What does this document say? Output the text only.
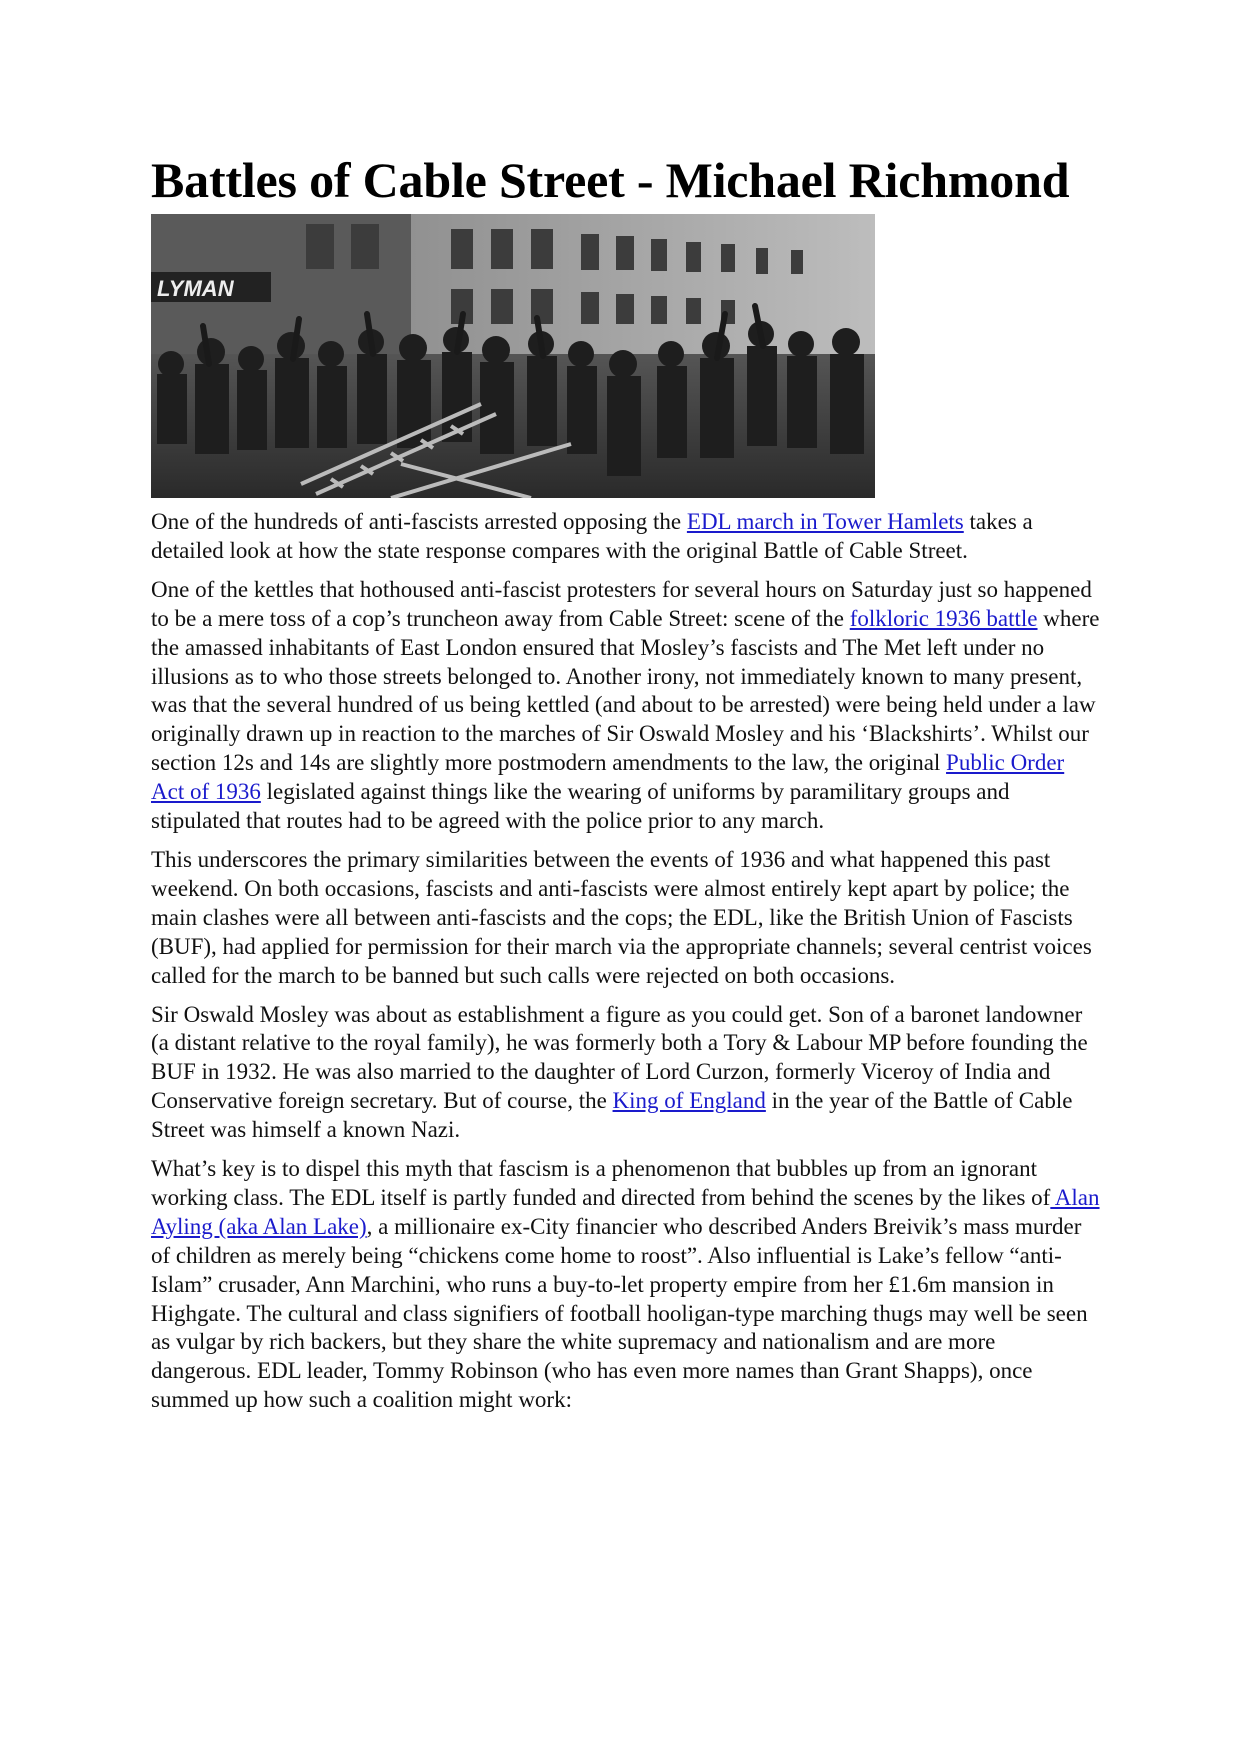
Battles of Cable Street - Michael Richmond
LYMAN

One of the hundreds of anti-fascists arrested opposing the EDL march in Tower Hamlets takes a detailed look at how the state response compares with the original Battle of Cable Street.

One of the kettles that hothoused anti-fascist protesters for several hours on Saturday just so happened to be a mere toss of a cop’s truncheon away from Cable Street: scene of the folkloric 1936 battle where the amassed inhabitants of East London ensured that Mosley’s fascists and The Met left under no illusions as to who those streets belonged to. Another irony, not immediately known to many present, was that the several hundred of us being kettled (and about to be arrested) were being held under a law originally drawn up in reaction to the marches of Sir Oswald Mosley and his ‘Blackshirts’. Whilst our section 12s and 14s are slightly more postmodern amendments to the law, the original Public Order Act of 1936 legislated against things like the wearing of uniforms by paramilitary groups and stipulated that routes had to be agreed with the police prior to any march.

This underscores the primary similarities between the events of 1936 and what happened this past weekend. On both occasions, fascists and anti-fascists were almost entirely kept apart by police; the main clashes were all between anti-fascists and the cops; the EDL, like the British Union of Fascists (BUF), had applied for permission for their march via the appropriate channels; several centrist voices called for the march to be banned but such calls were rejected on both occasions.

Sir Oswald Mosley was about as establishment a figure as you could get. Son of a baronet landowner (a distant relative to the royal family), he was formerly both a Tory & Labour MP before founding the BUF in 1932. He was also married to the daughter of Lord Curzon, formerly Viceroy of India and Conservative foreign secretary. But of course, the King of England in the year of the Battle of Cable Street was himself a known Nazi.

What’s key is to dispel this myth that fascism is a phenomenon that bubbles up from an ignorant working class. The EDL itself is partly funded and directed from behind the scenes by the likes of Alan Ayling (aka Alan Lake), a millionaire ex-City financier who described Anders Breivik’s mass murder of children as merely being “chickens come home to roost”. Also influential is Lake’s fellow “anti-Islam” crusader, Ann Marchini, who runs a buy-to-let property empire from her £1.6m mansion in Highgate. The cultural and class signifiers of football hooligan-type marching thugs may well be seen as vulgar by rich backers, but they share the white supremacy and nationalism and are more dangerous. EDL leader, Tommy Robinson (who has even more names than Grant Shapps), once summed up how such a coalition might work:
